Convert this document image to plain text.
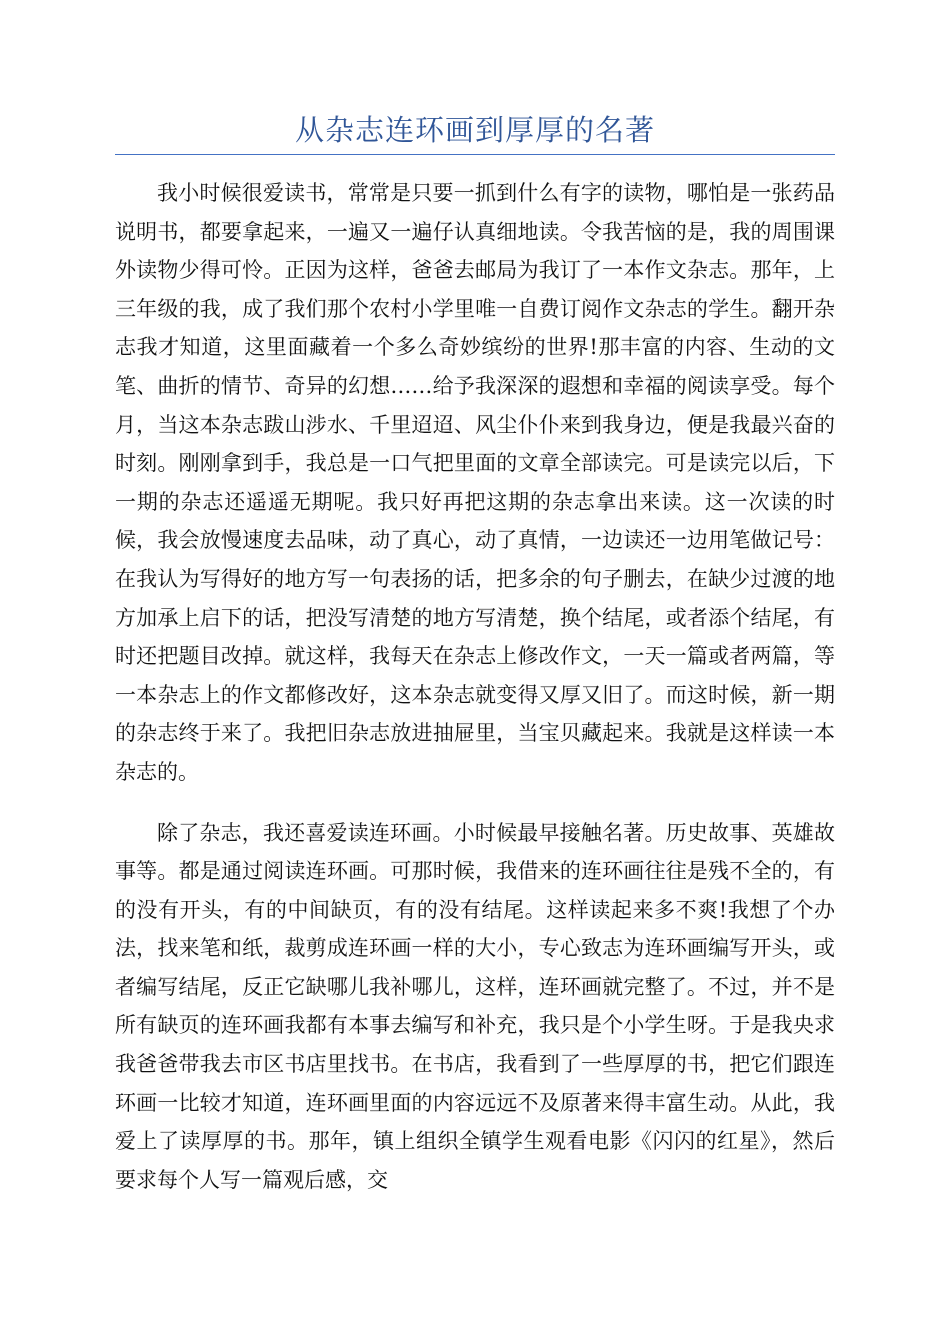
从杂志连环画到厚厚的名著

我小时候很爱读书，常常是只要一抓到什么有字的读物，哪怕是一张药品说明书，都要拿起来，一遍又一遍仔认真细地读。令我苦恼的是，我的周围课外读物少得可怜。正因为这样，爸爸去邮局为我订了一本作文杂志。那年，上三年级的我，成了我们那个农村小学里唯一自费订阅作文杂志的学生。翻开杂志我才知道，这里面藏着一个多么奇妙缤纷的世界!那丰富的内容、生动的文笔、曲折的情节、奇异的幻想……给予我深深的遐想和幸福的阅读享受。每个月，当这本杂志跋山涉水、千里迢迢、风尘仆仆来到我身边，便是我最兴奋的时刻。刚刚拿到手，我总是一口气把里面的文章全部读完。可是读完以后，下一期的杂志还遥遥无期呢。我只好再把这期的杂志拿出来读。这一次读的时候，我会放慢速度去品味，动了真心，动了真情，一边读还一边用笔做记号：在我认为写得好的地方写一句表扬的话，把多余的句子删去，在缺少过渡的地方加承上启下的话，把没写清楚的地方写清楚，换个结尾，或者添个结尾，有时还把题目改掉。就这样，我每天在杂志上修改作文，一天一篇或者两篇，等一本杂志上的作文都修改好，这本杂志就变得又厚又旧了。而这时候，新一期的杂志终于来了。我把旧杂志放进抽屉里，当宝贝藏起来。我就是这样读一本杂志的。

除了杂志，我还喜爱读连环画。小时候最早接触名著。历史故事、英雄故事等。都是通过阅读连环画。可那时候，我借来的连环画往往是残不全的，有的没有开头，有的中间缺页，有的没有结尾。这样读起来多不爽!我想了个办法，找来笔和纸，裁剪成连环画一样的大小，专心致志为连环画编写开头，或者编写结尾，反正它缺哪儿我补哪儿，这样，连环画就完整了。不过，并不是所有缺页的连环画我都有本事去编写和补充，我只是个小学生呀。于是我央求我爸爸带我去市区书店里找书。在书店，我看到了一些厚厚的书，把它们跟连环画一比较才知道，连环画里面的内容远远不及原著来得丰富生动。从此，我爱上了读厚厚的书。那年，镇上组织全镇学生观看电影《闪闪的红星》，然后要求每个人写一篇观后感，交
